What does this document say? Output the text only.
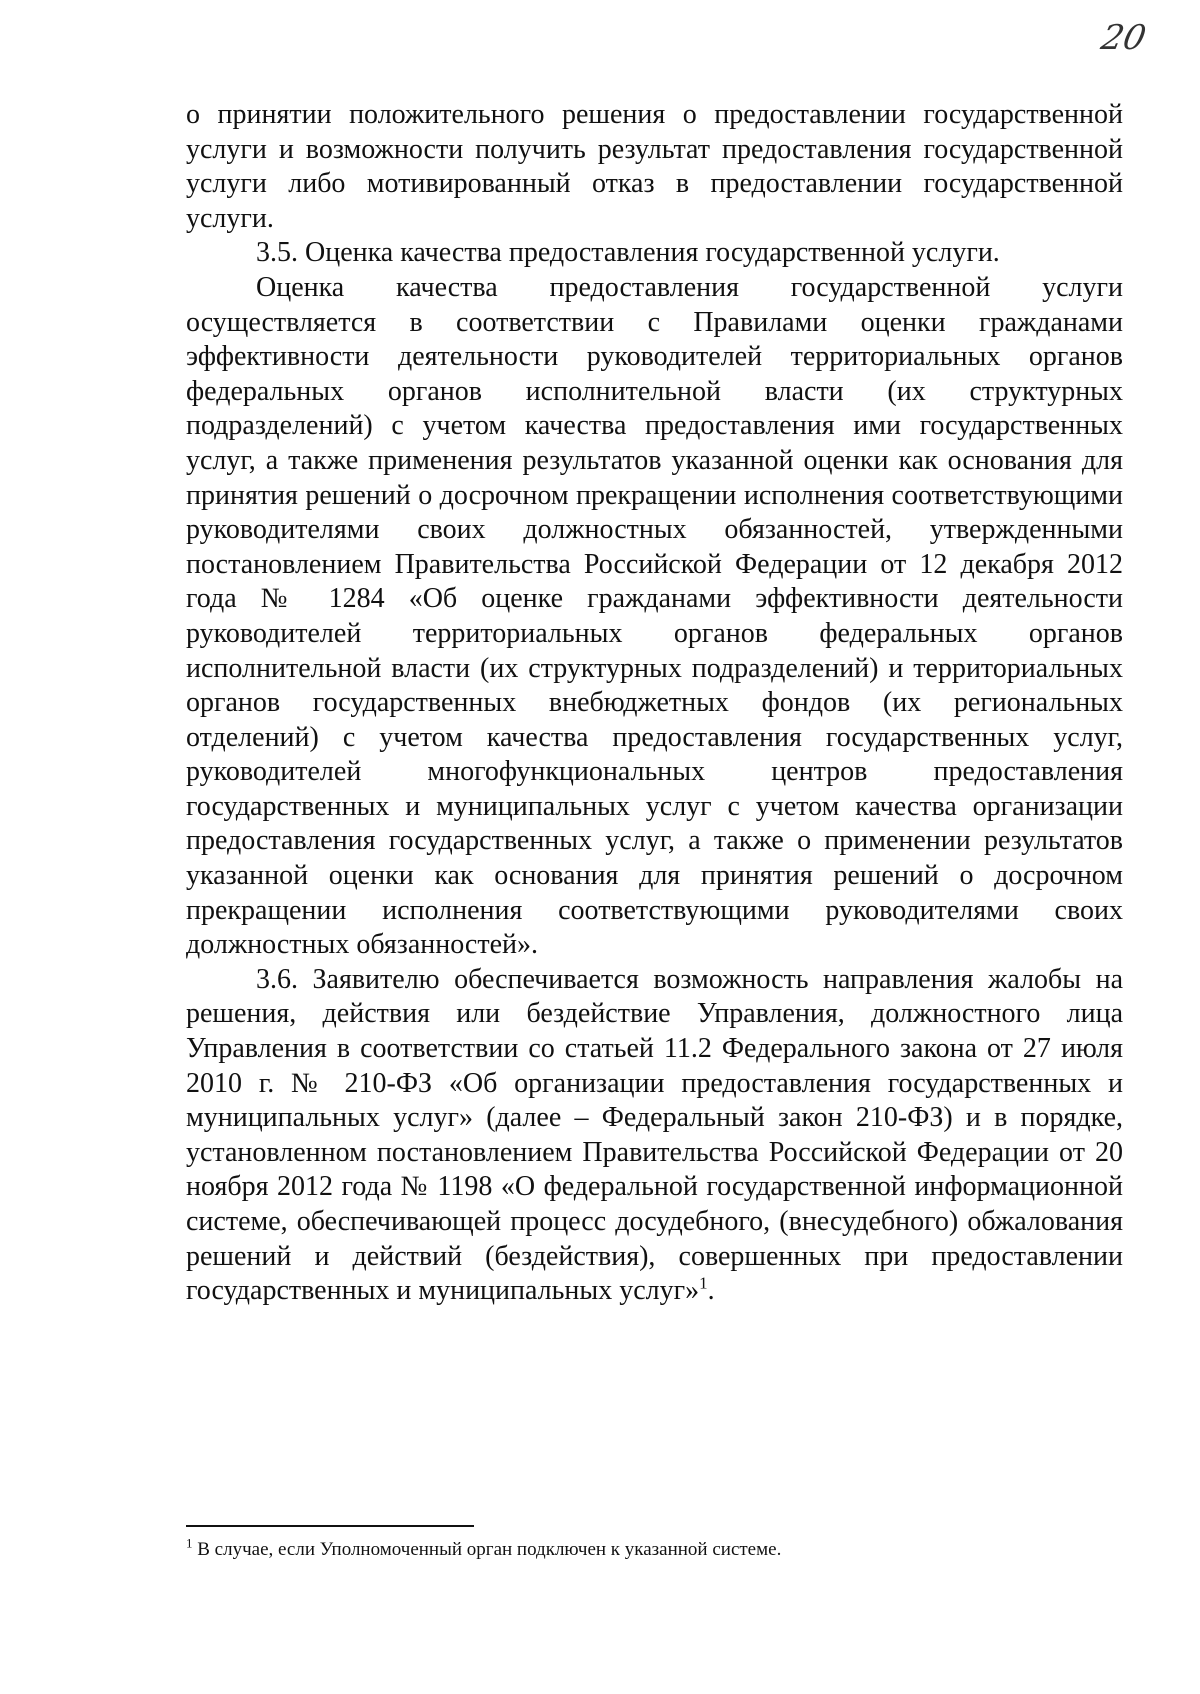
20

о принятии положительного решения о предоставлении государственной услуги и возможности получить результат предоставления государственной услуги либо мотивированный отказ в предоставлении государственной услуги.

3.5. Оценка качества предоставления государственной услуги.

Оценка качества предоставления государственной услуги осуществляется в соответствии с Правилами оценки гражданами эффективности деятельности руководителей территориальных органов федеральных органов исполнительной власти (их структурных подразделений) с учетом качества предоставления ими государственных услуг, а также применения результатов указанной оценки как основания для принятия решений о досрочном прекращении исполнения соответствующими руководителями своих должностных обязанностей, утвержденными постановлением Правительства Российской Федерации от 12 декабря 2012 года № 1284 «Об оценке гражданами эффективности деятельности руководителей территориальных органов федеральных органов исполнительной власти (их структурных подразделений) и территориальных органов государственных внебюджетных фондов (их региональных отделений) с учетом качества предоставления государственных услуг, руководителей многофункциональных центров предоставления государственных и муниципальных услуг с учетом качества организации предоставления государственных услуг, а также о применении результатов указанной оценки как основания для принятия решений о досрочном прекращении исполнения соответствующими руководителями своих должностных обязанностей».

3.6. Заявителю обеспечивается возможность направления жалобы на решения, действия или бездействие Управления, должностного лица Управления в соответствии со статьей 11.2 Федерального закона от 27 июля 2010 г. № 210-ФЗ «Об организации предоставления государственных и муниципальных услуг» (далее – Федеральный закон 210-ФЗ) и в порядке, установленном постановлением Правительства Российской Федерации от 20 ноября 2012 года № 1198 «О федеральной государственной информационной системе, обеспечивающей процесс досудебного, (внесудебного) обжалования решений и действий (бездействия), совершенных при предоставлении государственных и муниципальных услуг»$^1$.

$^1$ В случае, если Уполномоченный орган подключен к указанной системе.
